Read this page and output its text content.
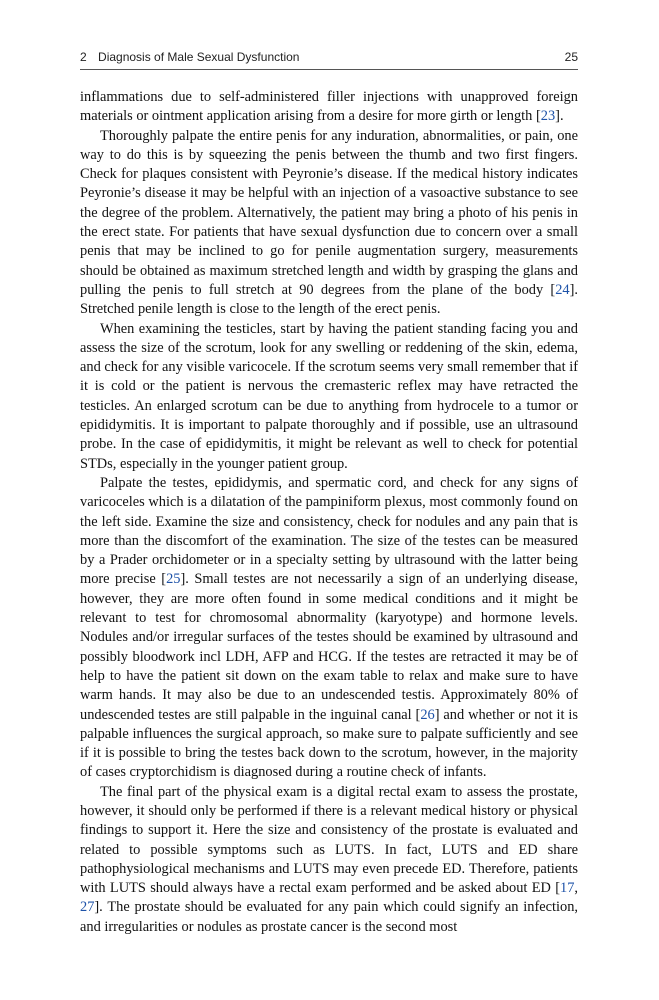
2 Diagnosis of Male Sexual Dysfunction	25

inflammations due to self-administered filler injections with unapproved foreign materials or ointment application arising from a desire for more girth or length [23].

Thoroughly palpate the entire penis for any induration, abnormalities, or pain, one way to do this is by squeezing the penis between the thumb and two first fingers. Check for plaques consistent with Peyronie’s disease. If the medical history indicates Peyronie’s disease it may be helpful with an injection of a vasoactive substance to see the degree of the problem. Alternatively, the patient may bring a photo of his penis in the erect state. For patients that have sexual dysfunction due to concern over a small penis that may be inclined to go for penile augmentation surgery, measurements should be obtained as maximum stretched length and width by grasping the glans and pulling the penis to full stretch at 90 degrees from the plane of the body [24]. Stretched penile length is close to the length of the erect penis.

When examining the testicles, start by having the patient standing facing you and assess the size of the scrotum, look for any swelling or reddening of the skin, edema, and check for any visible varicocele. If the scrotum seems very small remember that if it is cold or the patient is nervous the cremasteric reflex may have retracted the testicles. An enlarged scrotum can be due to anything from hydrocele to a tumor or epididymitis. It is important to palpate thoroughly and if possible, use an ultrasound probe. In the case of epididymitis, it might be relevant as well to check for potential STDs, especially in the younger patient group.

Palpate the testes, epididymis, and spermatic cord, and check for any signs of varicoceles which is a dilatation of the pampiniform plexus, most commonly found on the left side. Examine the size and consistency, check for nodules and any pain that is more than the discomfort of the examination. The size of the testes can be measured by a Prader orchidometer or in a specialty setting by ultrasound with the latter being more precise [25]. Small testes are not necessarily a sign of an underlying disease, however, they are more often found in some medical conditions and it might be relevant to test for chromosomal abnormality (karyotype) and hormone levels. Nodules and/or irregular surfaces of the testes should be examined by ultrasound and possibly bloodwork incl LDH, AFP and HCG. If the testes are retracted it may be of help to have the patient sit down on the exam table to relax and make sure to have warm hands. It may also be due to an undescended testis. Approximately 80% of undescended testes are still palpable in the inguinal canal [26] and whether or not it is palpable influences the surgical approach, so make sure to palpate sufficiently and see if it is possible to bring the testes back down to the scrotum, however, in the majority of cases cryptorchidism is diagnosed during a routine check of infants.

The final part of the physical exam is a digital rectal exam to assess the prostate, however, it should only be performed if there is a relevant medical history or physical findings to support it. Here the size and consistency of the prostate is evaluated and related to possible symptoms such as LUTS. In fact, LUTS and ED share pathophysiological mechanisms and LUTS may even precede ED. Therefore, patients with LUTS should always have a rectal exam performed and be asked about ED [17, 27]. The prostate should be evaluated for any pain which could signify an infection, and irregularities or nodules as prostate cancer is the second most
